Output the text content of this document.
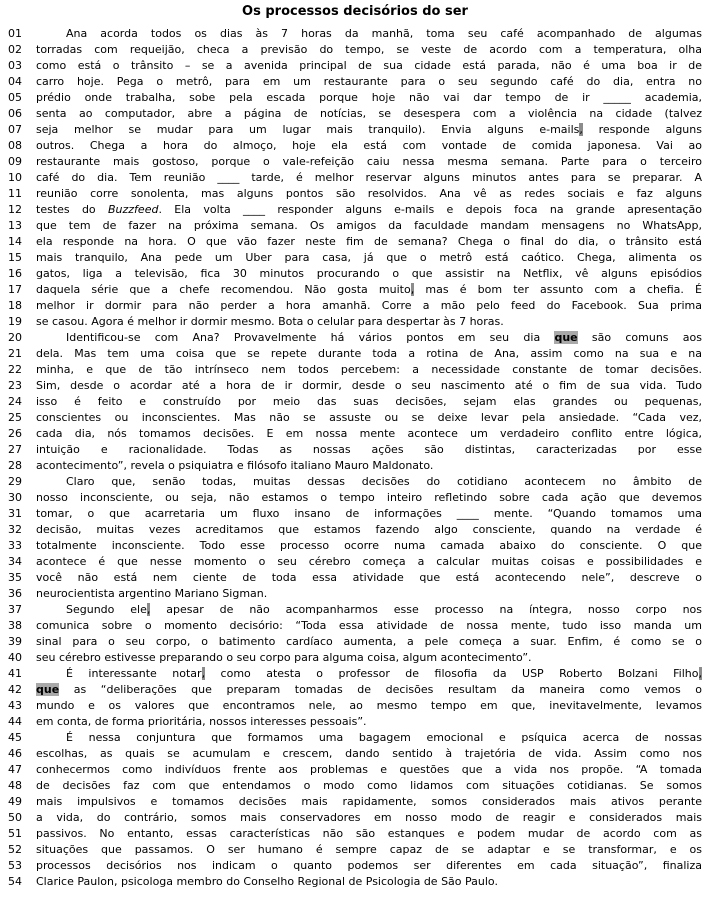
Os processos decisórios do ser
01	Ana acorda todos os dias às 7 horas da manhã, toma seu café acompanhado de algumas
02	torradas com requeijão, checa a previsão do tempo, se veste de acordo com a temperatura, olha
03	como está o trânsito – se a avenida principal de sua cidade está parada, não é uma boa ir de
04	carro hoje. Pega o metrô, para em um restaurante para o seu segundo café do dia, entra no
05	prédio onde trabalha, sobe pela escada porque hoje não vai dar tempo de ir _____ academia,
06	senta ao computador, abre a página de notícias, se desespera com a violência na cidade (talvez
07	seja melhor se mudar para um lugar mais tranquilo). Envia alguns e-mails, responde alguns
08	outros. Chega a hora do almoço, hoje ela está com vontade de comida japonesa. Vai ao
09	restaurante mais gostoso, porque o vale-refeição caiu nessa mesma semana. Parte para o terceiro
10	café do dia. Tem reunião ____ tarde, é melhor reservar alguns minutos antes para se preparar. A
11	reunião corre sonolenta, mas alguns pontos são resolvidos. Ana vê as redes sociais e faz alguns
12	testes do Buzzfeed. Ela volta ____ responder alguns e-mails e depois foca na grande apresentação
13	que tem de fazer na próxima semana. Os amigos da faculdade mandam mensagens no WhatsApp,
14	ela responde na hora. O que vão fazer neste fim de semana? Chega o final do dia, o trânsito está
15	mais tranquilo, Ana pede um Uber para casa, já que o metrô está caótico. Chega, alimenta os
16	gatos, liga a televisão, fica 30 minutos procurando o que assistir na Netflix, vê alguns episódios
17	daquela série que a chefe recomendou. Não gosta muito, mas é bom ter assunto com a chefia. É
18	melhor ir dormir para não perder a hora amanhã. Corre a mão pelo feed do Facebook. Sua prima
19	se casou. Agora é melhor ir dormir mesmo. Bota o celular para despertar às 7 horas.
20	Identificou-se com Ana? Provavelmente há vários pontos em seu dia que são comuns aos
21	dela. Mas tem uma coisa que se repete durante toda a rotina de Ana, assim como na sua e na
22	minha, e que de tão intrínseco nem todos percebem: a necessidade constante de tomar decisões.
23	Sim, desde o acordar até a hora de ir dormir, desde o seu nascimento até o fim de sua vida. Tudo
24	isso é feito e construído por meio das suas decisões, sejam elas grandes ou pequenas,
25	conscientes ou inconscientes. Mas não se assuste ou se deixe levar pela ansiedade. “Cada vez,
26	cada dia, nós tomamos decisões. E em nossa mente acontece um verdadeiro conflito entre lógica,
27	intuição e racionalidade. Todas as nossas ações são distintas, caracterizadas por esse
28	acontecimento”, revela o psiquiatra e filósofo italiano Mauro Maldonato.
29	Claro que, senão todas, muitas dessas decisões do cotidiano acontecem no âmbito de
30	nosso inconsciente, ou seja, não estamos o tempo inteiro refletindo sobre cada ação que devemos
31	tomar, o que acarretaria um fluxo insano de informações ____ mente. “Quando tomamos uma
32	decisão, muitas vezes acreditamos que estamos fazendo algo consciente, quando na verdade é
33	totalmente inconsciente. Todo esse processo ocorre numa camada abaixo do consciente. O que
34	acontece é que nesse momento o seu cérebro começa a calcular muitas coisas e possibilidades e
35	você não está nem ciente de toda essa atividade que está acontecendo nele”, descreve o
36	neurocientista argentino Mariano Sigman.
37	Segundo ele, apesar de não acompanharmos esse processo na íntegra, nosso corpo nos
38	comunica sobre o momento decisório: “Toda essa atividade de nossa mente, tudo isso manda um
39	sinal para o seu corpo, o batimento cardíaco aumenta, a pele começa a suar. Enfim, é como se o
40	seu cérebro estivesse preparando o seu corpo para alguma coisa, algum acontecimento”.
41	É interessante notar, como atesta o professor de filosofia da USP Roberto Bolzani Filho,
42	que as “deliberações que preparam tomadas de decisões resultam da maneira como vemos o
43	mundo e os valores que encontramos nele, ao mesmo tempo em que, inevitavelmente, levamos
44	em conta, de forma prioritária, nossos interesses pessoais”.
45	É nessa conjuntura que formamos uma bagagem emocional e psíquica acerca de nossas
46	escolhas, as quais se acumulam e crescem, dando sentido à trajetória de vida. Assim como nos
47	conhecermos como indivíduos frente aos problemas e questões que a vida nos propõe. “A tomada
48	de decisões faz com que entendamos o modo como lidamos com situações cotidianas. Se somos
49	mais impulsivos e tomamos decisões mais rapidamente, somos considerados mais ativos perante
50	a vida, do contrário, somos mais conservadores em nosso modo de reagir e considerados mais
51	passivos. No entanto, essas características não são estanques e podem mudar de acordo com as
52	situações que passamos. O ser humano é sempre capaz de se adaptar e se transformar, e os
53	processos decisórios nos indicam o quanto podemos ser diferentes em cada situação”, finaliza
54	Clarice Paulon, psicologa membro do Conselho Regional de Psicologia de São Paulo.
